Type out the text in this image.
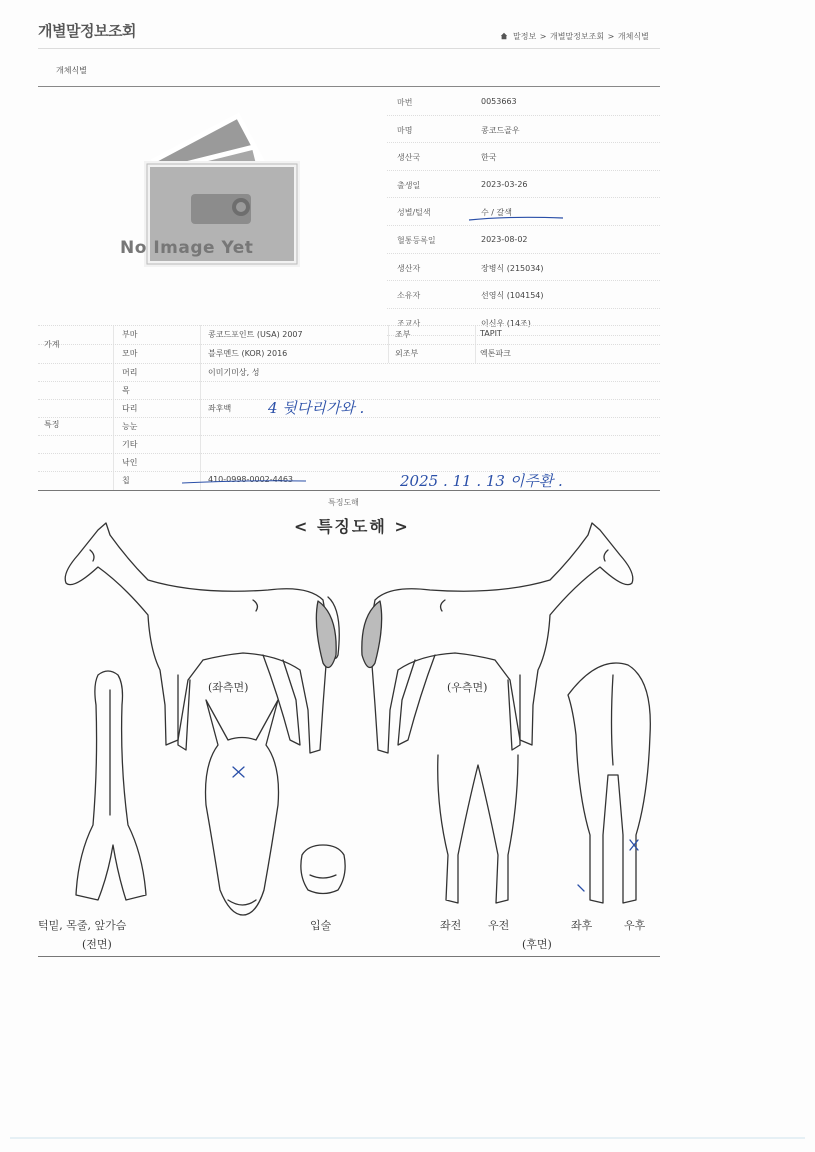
개별말정보조회	말정보 > 개별말정보조회 > 개체식별
개체식별
No Image Yet
마번	0053663
마명	콩코드골우
생산국	한국
출생일	2023-03-26
성별/털색	수 / 갈색
혈통등록일	2023-08-02
생산자	장병식 (215034)
소유자	선영식 (104154)
조교사	이신우 (14조)
가계
부마	콩코드포인트 (USA) 2007	조부	TAPIT
모마	블루멘드 (KOR) 2016	외조부	엑톤파크
특징
머리	이미기미상, 성
목
다리	좌후백
능눈
기타
낙인
칩	410-0998-0002-4463
4 뒷다리가와 .
2025 . 11 . 13 이주환 .
특징도해
< 특징도해 >
(좌측면)	(우측면)
턱밑, 목줄, 앞가슴
(전면)
입술	좌전 우전	좌후	우후
(후면)
